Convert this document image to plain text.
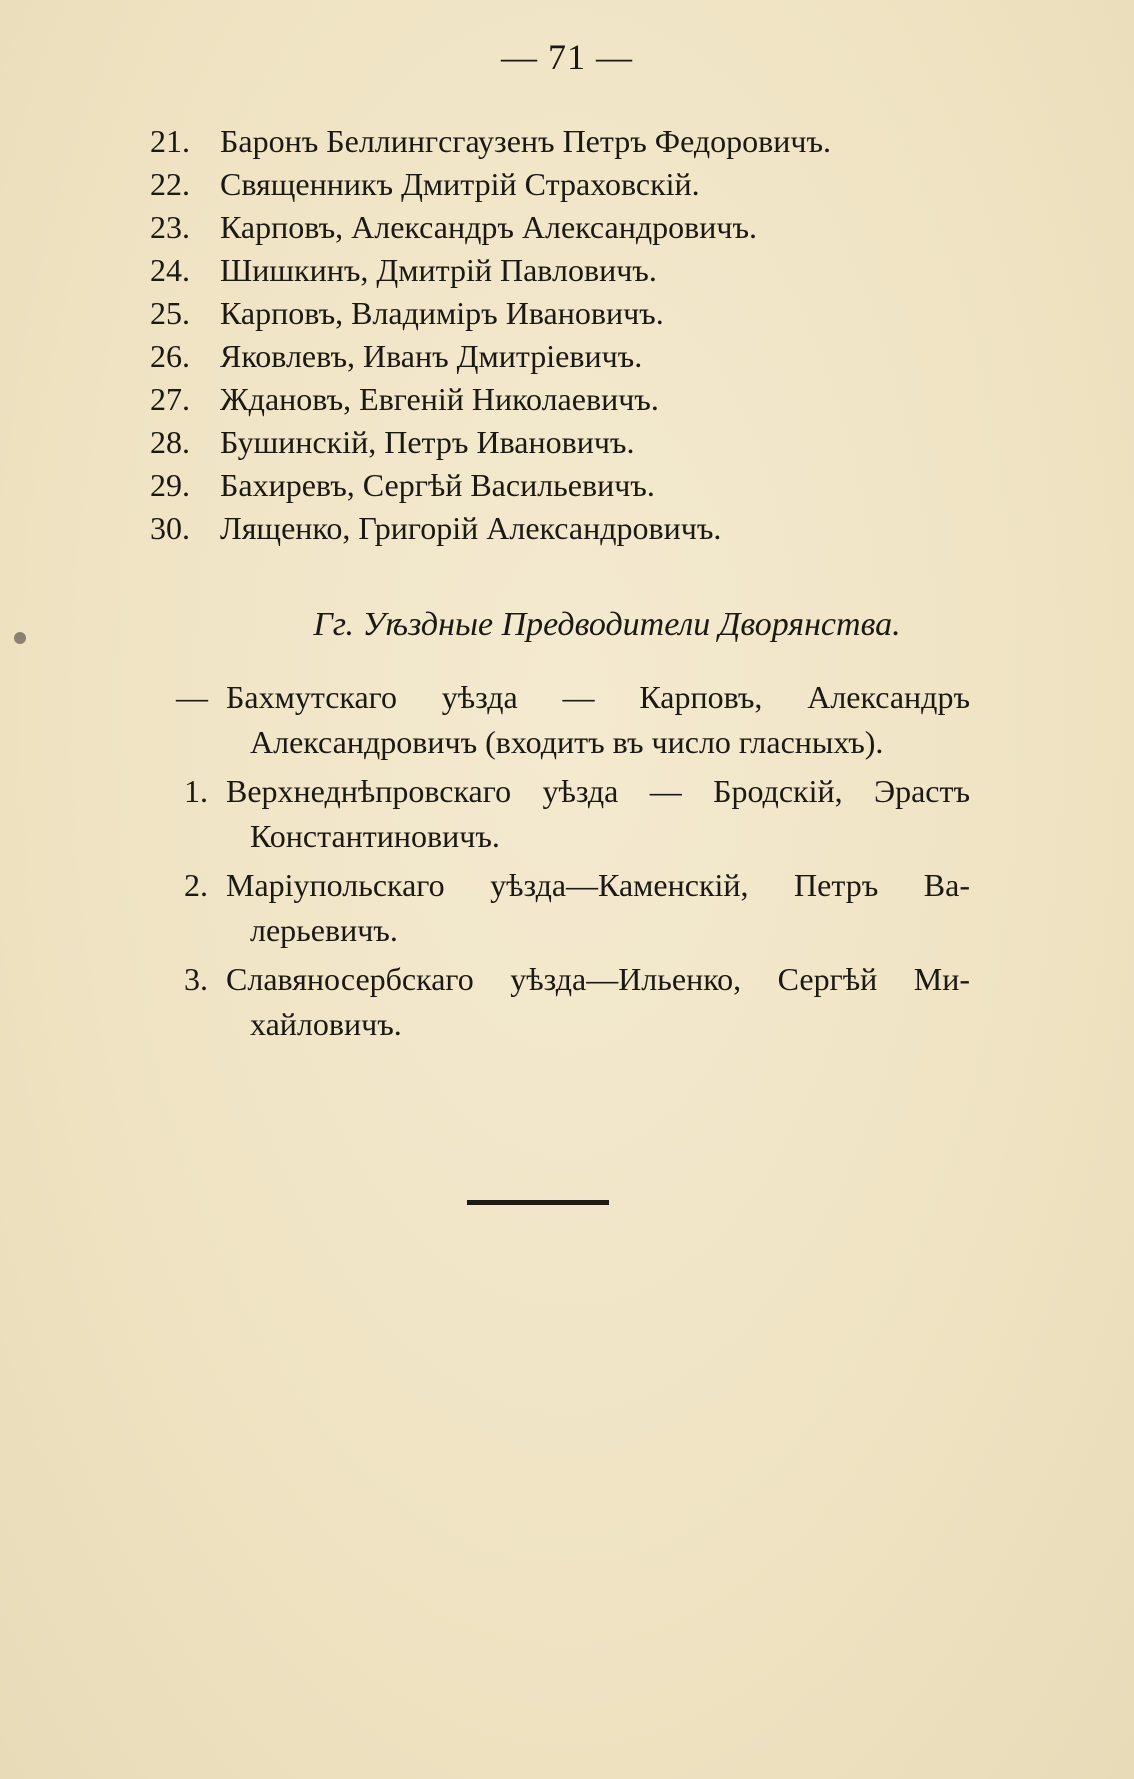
— 71 —
21. Баронъ Беллингсгаузенъ Петръ Федоровичъ.
22. Священникъ Дмитрій Страховскій.
23. Карповъ, Александръ Александровичъ.
24. Шишкинъ, Дмитрій Павловичъ.
25. Карповъ, Владиміръ Ивановичъ.
26. Яковлевъ, Иванъ Дмитріевичъ.
27. Ждановъ, Евгеній Николаевичъ.
28. Бушинскій, Петръ Ивановичъ.
29. Бахиревъ, Сергѣй Васильевичъ.
30. Лященко, Григорій Александровичъ.
Гг. Уѣздные Предводители Дворянства.
— Бахмутскаго уѣзда — Карповъ, Александръ
Александровичъ (входитъ въ число гласныхъ).
1. Верхнеднѣпровскаго уѣзда — Бродскій, Эрастъ
Константиновичъ.
2. Маріупольскаго уѣзда—Каменскій, Петръ Ва-
лерьевичъ.
3. Славяносербскаго уѣзда—Ильенко, Сергѣй Ми-
хайловичъ.
